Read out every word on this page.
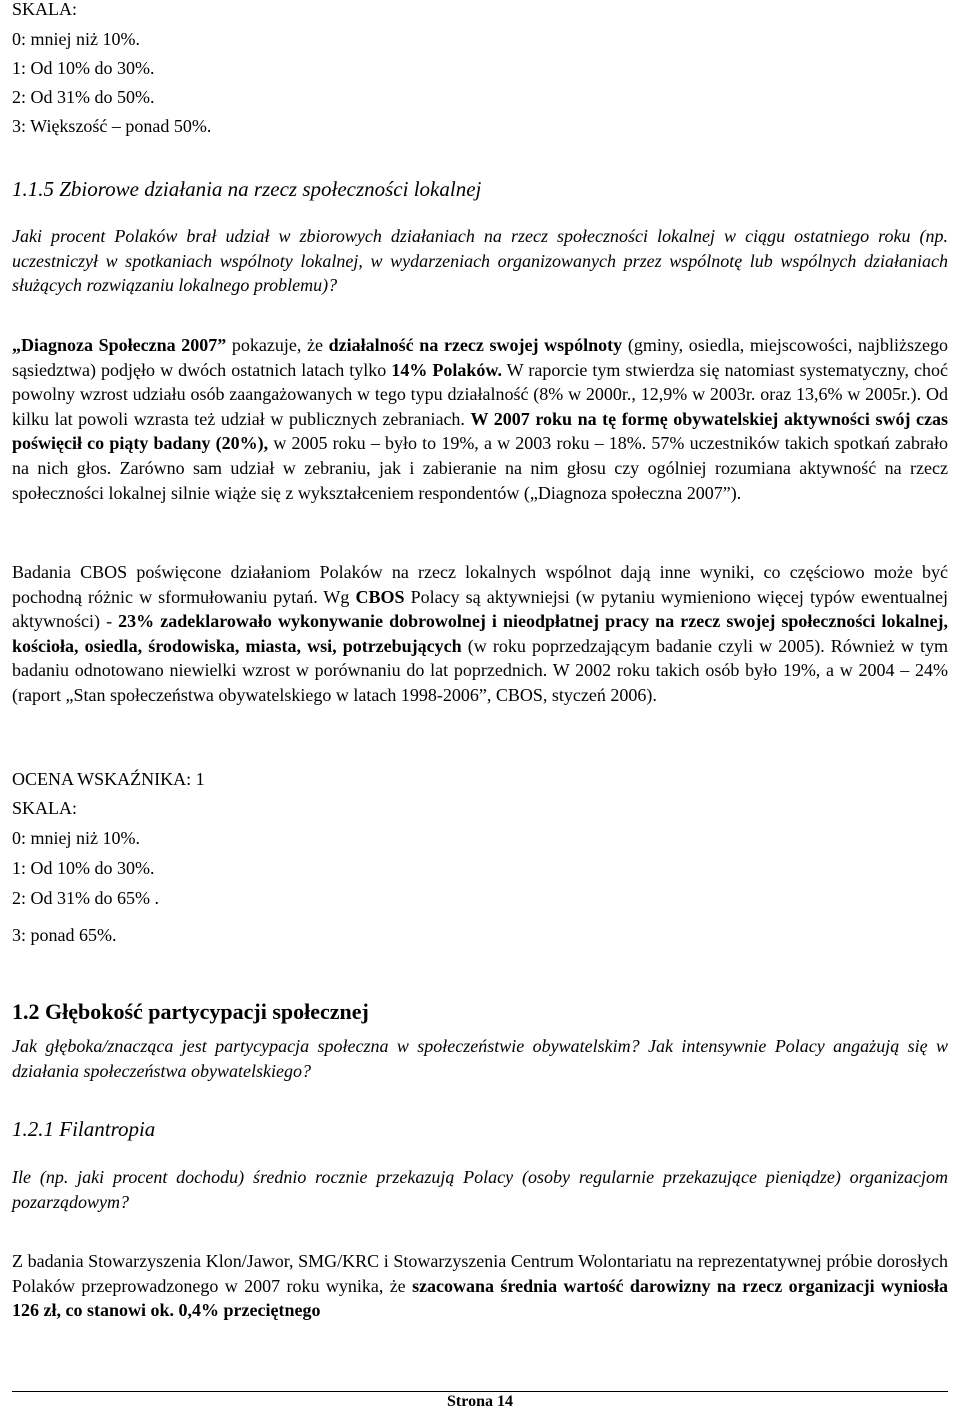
SKALA:
0: mniej niż 10%.
1: Od 10% do 30%.
2: Od 31% do 50%.
3: Większość – ponad 50%.
1.1.5 Zbiorowe działania na rzecz społeczności lokalnej

Jaki procent Polaków brał udział w zbiorowych działaniach na rzecz społeczności lokalnej w ciągu ostatniego roku (np. uczestniczył w spotkaniach wspólnoty lokalnej, w wydarzeniach organizowanych przez wspólnotę lub wspólnych działaniach służących rozwiązaniu lokalnego problemu)?

„Diagnoza Społeczna 2007” pokazuje, że działalność na rzecz swojej wspólnoty (gminy, osiedla, miejscowości, najbliższego sąsiedztwa) podjęło w dwóch ostatnich latach tylko 14% Polaków. W raporcie tym stwierdza się natomiast systematyczny, choć powolny wzrost udziału osób zaangażowanych w tego typu działalność (8% w 2000r., 12,9% w 2003r. oraz 13,6% w 2005r.). Od kilku lat powoli wzrasta też udział w publicznych zebraniach. W 2007 roku na tę formę obywatelskiej aktywności swój czas poświęcił co piąty badany (20%), w 2005 roku – było to 19%, a w 2003 roku – 18%. 57% uczestników takich spotkań zabrało na nich głos. Zarówno sam udział w zebraniu, jak i zabieranie na nim głosu czy ogólniej rozumiana aktywność na rzecz społeczności lokalnej silnie wiąże się z wykształceniem respondentów („Diagnoza społeczna 2007”).

Badania CBOS poświęcone działaniom Polaków na rzecz lokalnych wspólnot dają inne wyniki, co częściowo może być pochodną różnic w sformułowaniu pytań. Wg CBOS Polacy są aktywniejsi (w pytaniu wymieniono więcej typów ewentualnej aktywności) - 23% zadeklarowało wykonywanie dobrowolnej i nieodpłatnej pracy na rzecz swojej społeczności lokalnej, kościoła, osiedla, środowiska, miasta, wsi, potrzebujących (w roku poprzedzającym badanie czyli w 2005). Również w tym badaniu odnotowano niewielki wzrost w porównaniu do lat poprzednich. W 2002 roku takich osób było 19%, a w 2004 – 24% (raport „Stan społeczeństwa obywatelskiego w latach 1998-2006”, CBOS, styczeń 2006).

OCENA WSKAŹNIKA: 1
SKALA:
0: mniej niż 10%.
1: Od 10% do 30%.
2: Od 31% do 65% .
3: ponad 65%.
1.2 Głębokość partycypacji społecznej

Jak głęboka/znacząca jest partycypacja społeczna w społeczeństwie obywatelskim? Jak intensywnie Polacy angażują się w działania społeczeństwa obywatelskiego?

1.2.1 Filantropia

Ile (np. jaki procent dochodu) średnio rocznie przekazują Polacy (osoby regularnie przekazujące pieniądze) organizacjom pozarządowym?

Z badania Stowarzyszenia Klon/Jawor, SMG/KRC i Stowarzyszenia Centrum Wolontariatu na reprezentatywnej próbie dorosłych Polaków przeprowadzonego w 2007 roku wynika, że szacowana średnia wartość darowizny na rzecz organizacji wyniosła 126 zł, co stanowi ok. 0,4% przeciętnego

Strona 14
